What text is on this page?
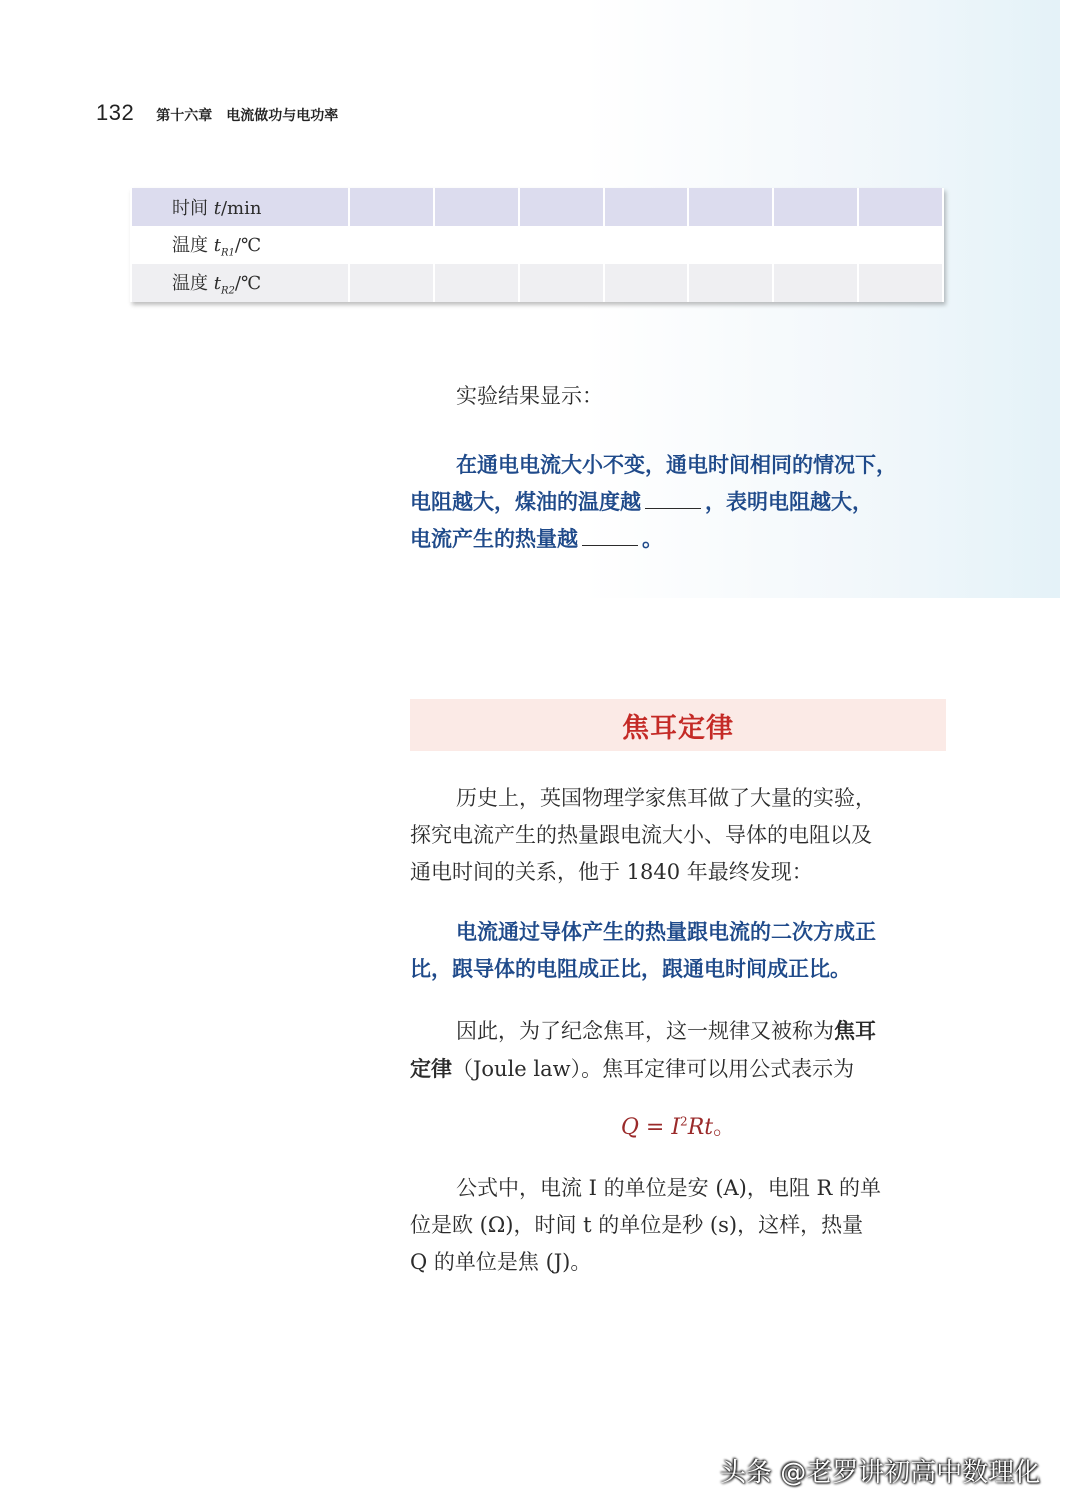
132 第十六章　电流做功与电功率
时间 t/min							
温度 $t_{R1}/℃$							
温度 $t_{R2}/℃$							
实验结果显示：
在通电电流大小不变，通电时间相同的情况下，
电阻越大，煤油的温度越	，表明电阻越大，
电流产生的热量越	。
焦耳定律
历史上，英国物理学家焦耳做了大量的实验，
探究电流产生的热量跟电流大小、导体的电阻以及
通电时间的关系，他于 1840 年最终发现：
电流通过导体产生的热量跟电流的二次方成正
比，跟导体的电阻成正比，跟通电时间成正比。
因此，为了纪念焦耳，这一规律又被称为焦耳
定律（Joule law）。焦耳定律可以用公式表示为
$Q = I^2Rt$。
公式中，电流 I 的单位是安 (A)，电阻 R 的单
位是欧 (Ω)，时间 t 的单位是秒 (s)，这样，热量
Q 的单位是焦 (J)。
头条 @老罗讲初高中数理化
